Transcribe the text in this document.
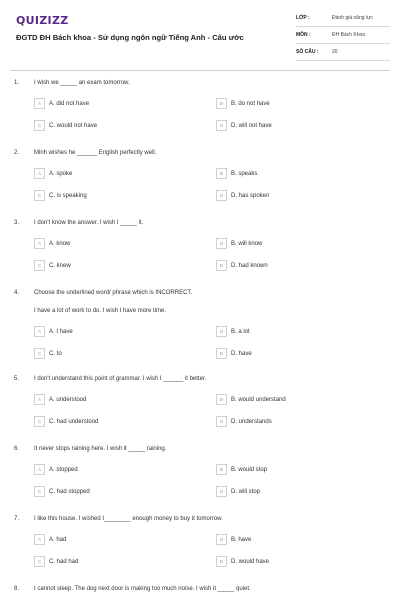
QUIZIZZ
ĐGTD ĐH Bách khoa - Sử dụng ngôn ngữ Tiếng Anh - Câu ước
LỚP :	Đánh giá năng lực
MÔN :	ĐH Bách Khoa
SỐ CÂU :	20
1. I wish we _____ an exam tomorrow.
A	A. did not have	B	B. do not have
C	C. would not have	D	D. will not have
2. Minh wishes he ______ English perfectly well.
A	A. spoke	B	B. speaks
C	C. is speaking	D	D. has spoken
3. I don't know the answer. I wish I _____ it.
A	A. know	B	B. will know
C	C. knew	D	D. had known
4. Choose the underlined word/ phrase which is INCORRECT.
I have a lot of work to do. I wish I have more time.
A	A. I have	B	B. a lot
C	C. to	D	D. have
5. I don't understand this point of grammar. I wish I ______ it better.
A	A. understood	B	B. would understand
C	C. had understood	D	D. understands
6. It never stops raining here. I wish it _____ raining.
A	A. stopped	B	B. would stop
C	C. had stopped	D	D. will stop
7. I like this house. I wished I________ enough money to buy it tomorrow.
A	A. had	B	B. have
C	C. had had	D	D. would have
8. I cannot sleep. The dog next door is making too much noise. I wish it _____ quiet.
